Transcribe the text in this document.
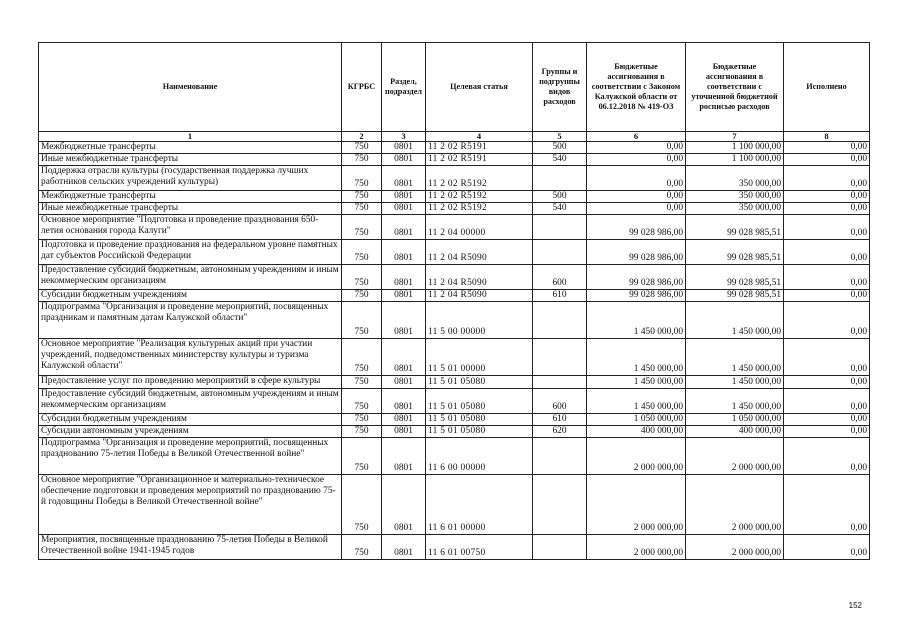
Наименование	КГРБС	Раздел, подраздел	Целевая статья	Группы и подгруппы видов расходов	Бюджетные ассигнования в соответствии с Законом Калужской области от 06.12.2018 № 419-ОЗ	Бюджетные ассигнования в соответствии с уточненной бюджетной росписью расходов	Исполнено
1	2	3	4	5	6	7	8
Межбюджетные трансферты	750	0801	11 2 02 R5191	500	0,00	1 100 000,00	0,00
Иные межбюджетные трансферты	750	0801	11 2 02 R5191	540	0,00	1 100 000,00	0,00
Поддержка отрасли культуры (государственная поддержка лучших работников сельских учреждений культуры)	750	0801	11 2 02 R5192		0,00	350 000,00	0,00
Межбюджетные трансферты	750	0801	11 2 02 R5192	500	0,00	350 000,00	0,00
Иные межбюджетные трансферты	750	0801	11 2 02 R5192	540	0,00	350 000,00	0,00
Основное мероприятие "Подготовка и проведение празднования 650-летия основания города Калуги"	750	0801	11 2 04 00000		99 028 986,00	99 028 985,51	0,00
Подготовка и проведение празднования на федеральном уровне памятных дат субъектов Российской Федерации	750	0801	11 2 04 R5090		99 028 986,00	99 028 985,51	0,00
Предоставление субсидий бюджетным, автономным учреждениям и иным некоммерческим организациям	750	0801	11 2 04 R5090	600	99 028 986,00	99 028 985,51	0,00
Субсидии бюджетным учреждениям	750	0801	11 2 04 R5090	610	99 028 986,00	99 028 985,51	0,00
Подпрограмма "Организация и проведение мероприятий, посвященных праздникам и памятным датам Калужской области"	750	0801	11 5 00 00000		1 450 000,00	1 450 000,00	0,00
Основное мероприятие "Реализация культурных акций при участии учреждений, подведомственных министерству культуры и туризма Калужской области"	750	0801	11 5 01 00000		1 450 000,00	1 450 000,00	0,00
Предоставление услуг по проведению мероприятий в сфере культуры	750	0801	11 5 01 05080		1 450 000,00	1 450 000,00	0,00
Предоставление субсидий бюджетным, автономным учреждениям и иным некоммерческим организациям	750	0801	11 5 01 05080	600	1 450 000,00	1 450 000,00	0,00
Субсидии бюджетным учреждениям	750	0801	11 5 01 05080	610	1 050 000,00	1 050 000,00	0,00
Субсидии автономным учреждениям	750	0801	11 5 01 05080	620	400 000,00	400 000,00	0,00
Подпрограмма "Организация и проведение мероприятий, посвященных празднованию 75-летия Победы в Великой Отечественной войне"	750	0801	11 6 00 00000		2 000 000,00	2 000 000,00	0,00
Основное мероприятие "Организационное и материально-техническое обеспечение подготовки и проведения мероприятий по празднованию 75-й годовщины Победы в Великой Отечественной войне"	750	0801	11 6 01 00000		2 000 000,00	2 000 000,00	0,00
Мероприятия, посвященные празднованию 75-летия Победы в Великой Отечественной войне 1941-1945 годов	750	0801	11 6 01 00750		2 000 000,00	2 000 000,00	0,00
152
